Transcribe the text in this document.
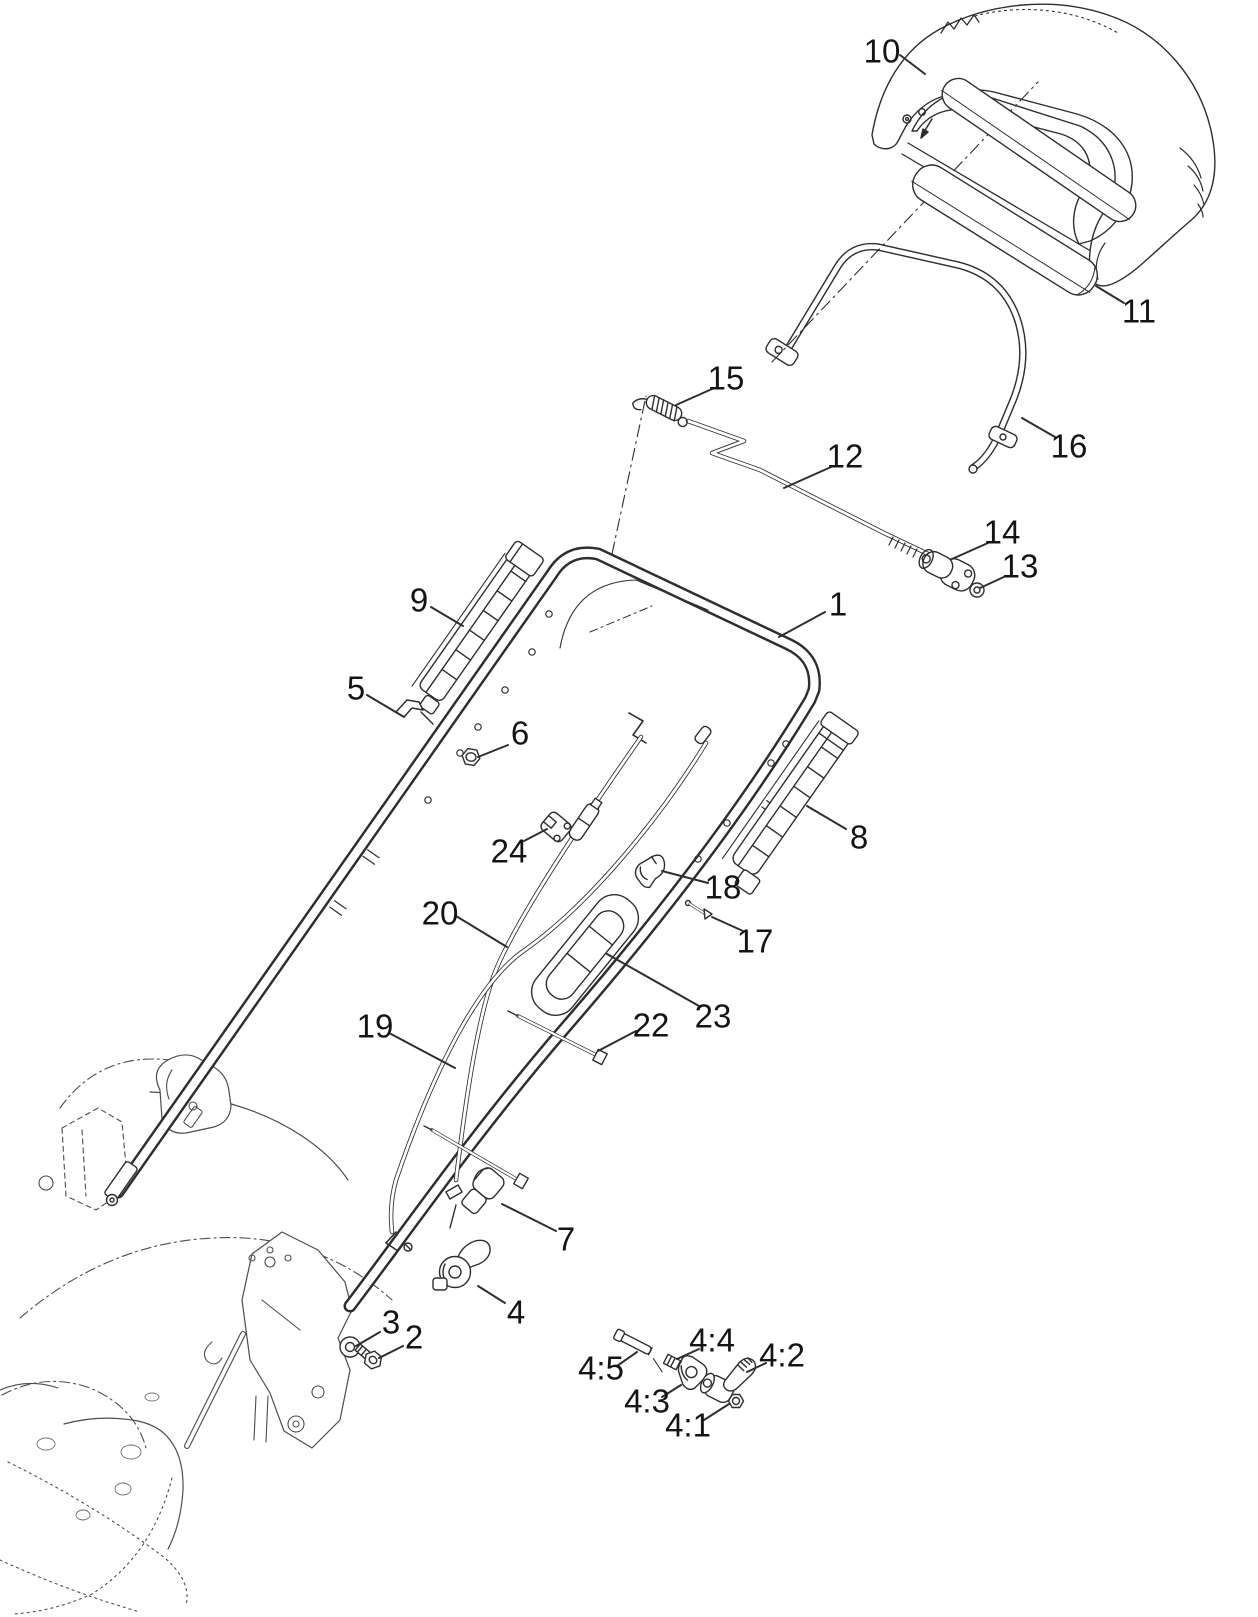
1
2
3	4
5
6
7
8
9
10
11
12
13
14
15
16
17
18
19
20
22 23
24
4:1
4:2
4:3
4:4
4:5
